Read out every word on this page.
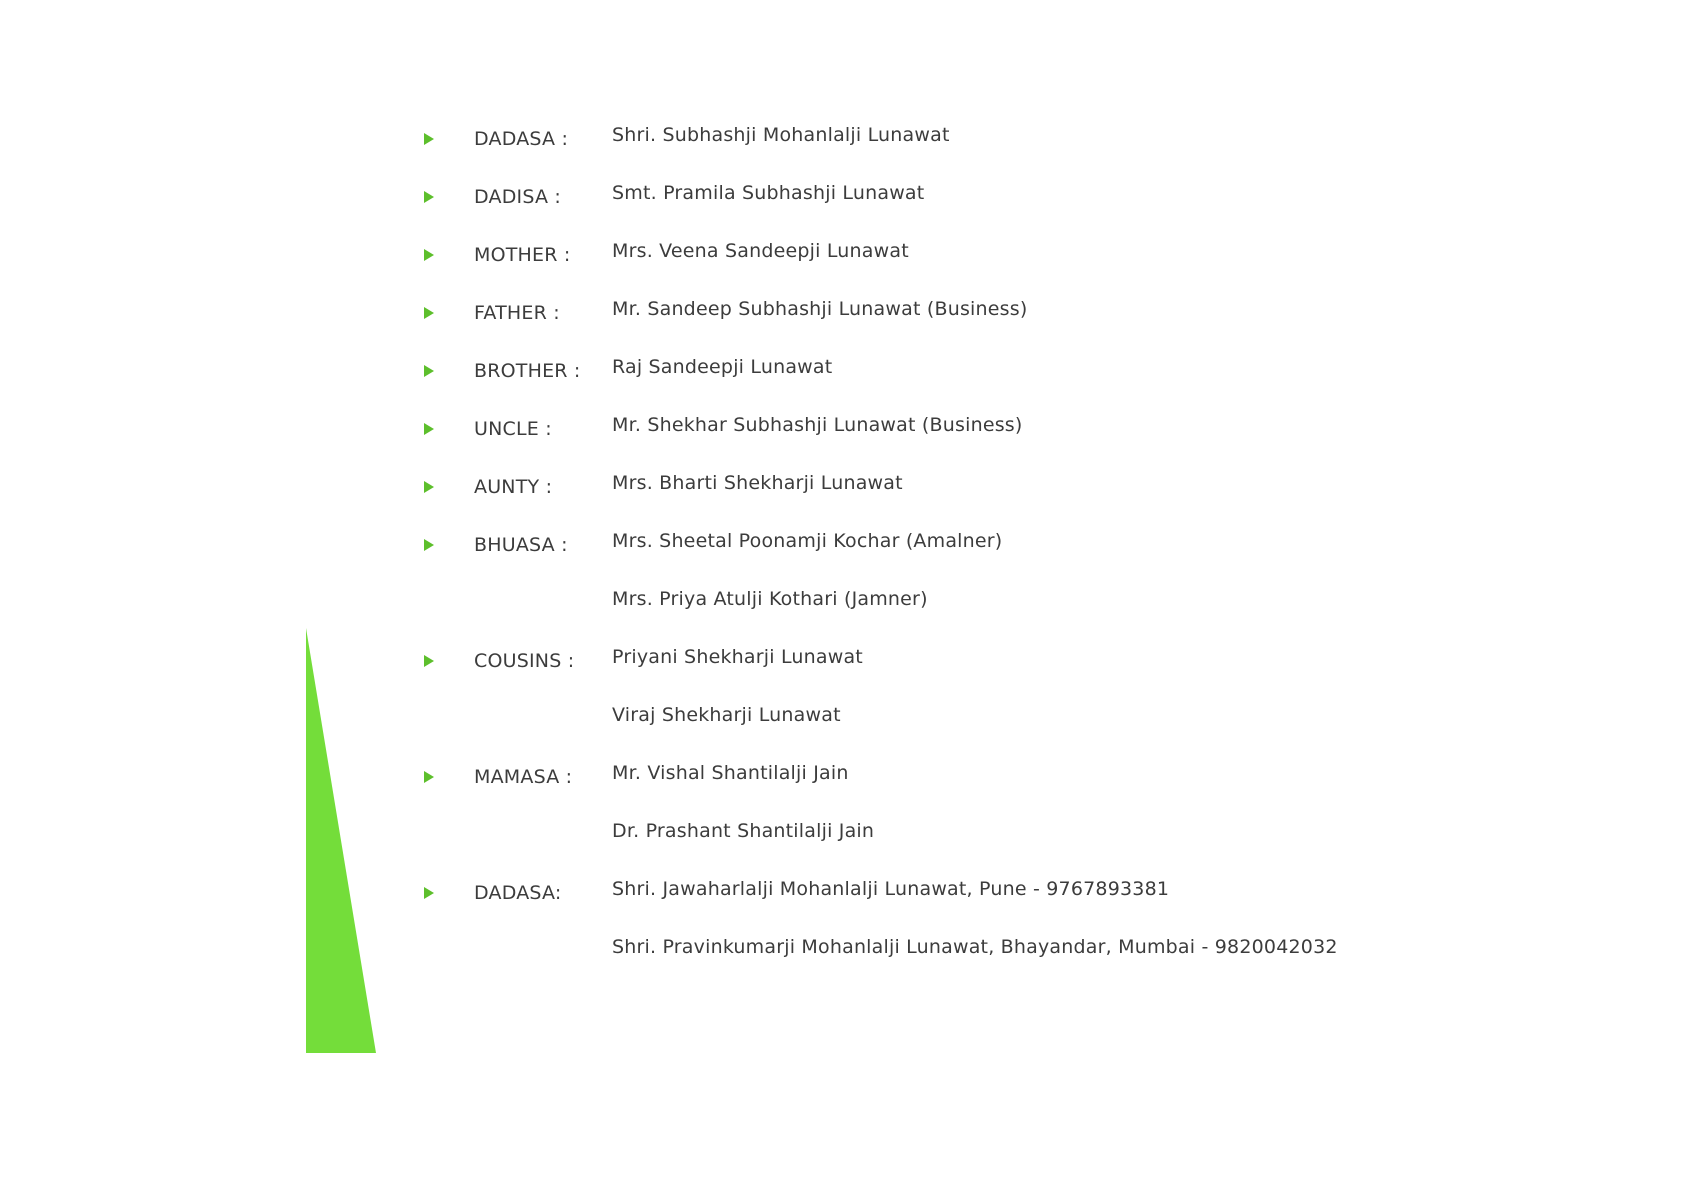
DADASA : Shri. Subhashji Mohanlalji Lunawat
DADISA :	Smt. Pramila Subhashji Lunawat
MOTHER : Mrs. Veena Sandeepji Lunawat
FATHER :	Mr. Sandeep Subhashji Lunawat (Business)
BROTHER : Raj Sandeepji Lunawat
UNCLE :	Mr. Shekhar Subhashji Lunawat (Business)
AUNTY :	Mrs. Bharti Shekharji Lunawat
BHUASA : Mrs. Sheetal Poonamji Kochar (Amalner)
Mrs. Priya Atulji Kothari (Jamner)
COUSINS : Priyani Shekharji Lunawat
Viraj Shekharji Lunawat
MAMASA : Mr. Vishal Shantilalji Jain
Dr. Prashant Shantilalji Jain
DADASA:	Shri. Jawaharlalji Mohanlalji Lunawat, Pune - 9767893381
Shri. Pravinkumarji Mohanlalji Lunawat, Bhayandar, Mumbai - 9820042032
